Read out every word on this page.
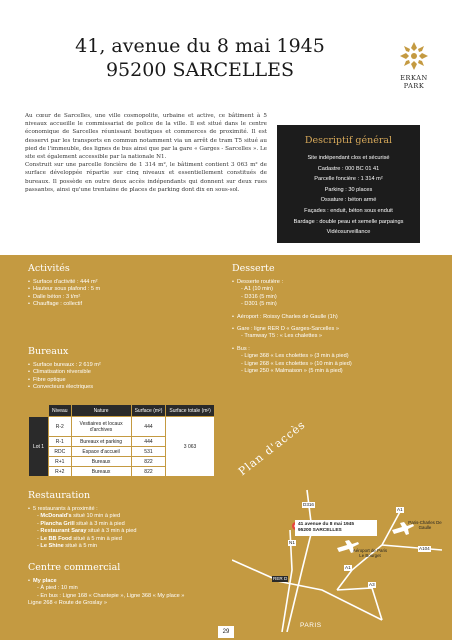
41, avenue du 8 mai 1945
95200 SARCELLES	ERKAN PARK

Au cœur de Sarcelles, une ville cosmopolite, urbaine et active, ce bâtiment à 5 niveaux accueille le commissariat de police de la ville. Il est situé dans le centre économique de Sarcelles réunissant boutiques et commerces de proximité. Il est desservi par les transports en commun notamment via un arrêt de tram T5 situé au pied de l'immeuble, des lignes de bus ainsi que par la gare « Garges - Sarcelles ». Le site est également accessible par la nationale N1.

Construit sur une parcelle foncière de 1 314 m², le bâtiment contient 3 063 m² de surface développée répartie sur cinq niveaux et essentiellement constitués de bureaux. Il possède en outre deux accès indépendants qui donnent sur deux rues passantes, ainsi qu'une trentaine de places de parking dont dix en sous-sol.

Descriptif général
Site indépendant clos et sécurisé
Cadastre : 000 BC 01 41
Parcelle foncière : 1 314 m²
Parking : 30 places
Ossature : béton armé
Façades : enduit, béton sous enduit
Bardage : double peau et semelle parpaings
Vidéosurveillance
Activités
• Surface d'activité : 444 m²
• Hauteur sous plafond : 5 m
• Dalle béton : 3 t/m²
• Chauffage : collectif
Bureaux
• Surface bureaux : 2 619 m²
• Climatisation réversible
• Fibre optique
• Convecteurs électriques
	Niveau	Nature	Surface (m²)	Surface totale (m²)
Lot 1	R-2	Vestiaires et locaux d'archives	444	3 063
	R-1	Bureaux et parking	444	
	RDC	Espace d'accueil	531	
	R+1	Bureaux	822	
	R+2	Bureaux	822	
Restauration
• 5 restaurants à proximité :
- McDonald's situé 10 min à pied
- Plancha Grill situé à 3 min à pied
- Restaurant Saray situé à 3 min à pied
- Le BB Food situé à 5 min à pied
- Le Shine situé à 5 min
Centre commercial
• My place
- À pied : 10 min
- En bus : Ligne 168 « Chantepie », Ligne 368 « My place »
Ligne 268 « Route de Groslay »
Desserte
• Desserte routière :
- A1 (10 min)
- D316 (5 min)
- D301 (5 min)
• Aéroport : Roissy Charles de Gaulle (1h)
• Gare : ligne RER D « Garges-Sarcelles »
- Tramway T5 : « Les chalettes »
• Bus :
- Ligne 368 « Les cholettes » (3 min à pied)
- Ligne 268 « Les cholettes » (10 min à pied)
- Ligne 250 « Malmaison » (5 min à pied)
Plan d'accès
41 avenue du 8 mai 1945
95200 SARCELLES
D316
N1
A1
A1
A3
A104
RER D
Aéroport de Paris Le Bourget
Paris-Charles De Gaulle
PARIS
29
